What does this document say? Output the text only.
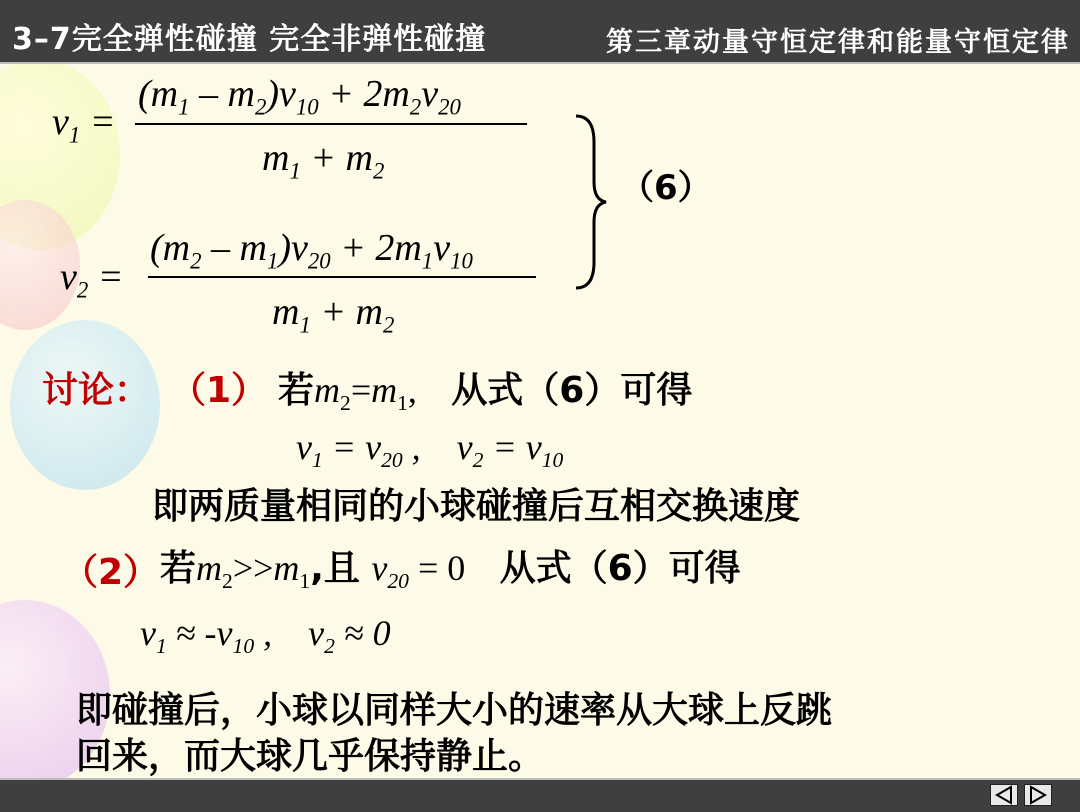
3–7完全弹性碰撞 完全非弹性碰撞	第三章动量守恒定律和能量守恒定律
$v_1$ =
$(m_1 - m_2)v_{10} + 2m_2v_{20}$
$m_1 + m_2$
$v_2$ =
$(m_2 - m_1)v_{20} + 2m_1v_{10}$
$m_1 + m_2$
（6）
讨论： （1） 若$m_2=m_1$, 从式（6）可得
$v_1 = v_{20}$ ,    $v_2 = v_{10}$
即两质量相同的小球碰撞后互相交换速度
（2） 若$m_2>>m_1$,且 $v_{20} = 0$ 从式（6）可得
$v_1 \approx -v_{10}$ ,    $v_2 \approx 0$
即碰撞后，小球以同样大小的速率从大球上反跳
回来，而大球几乎保持静止。
